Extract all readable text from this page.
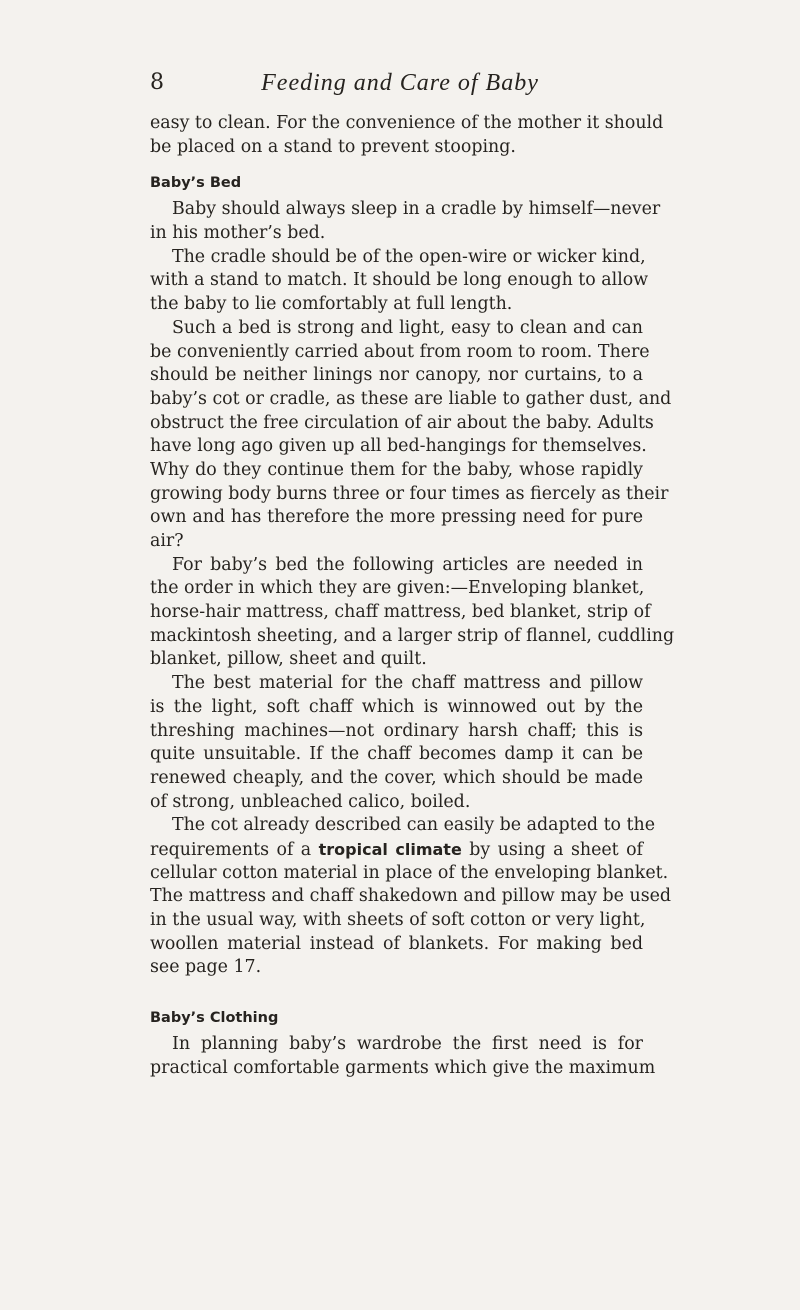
8	Feeding and Care of Baby
easy to clean. For the convenience of the mother it should
be placed on a stand to prevent stooping.
Baby’s Bed
Baby should always sleep in a cradle by himself—never
in his mother’s bed.
The cradle should be of the open-wire or wicker kind,
with a stand to match. It should be long enough to allow
the baby to lie comfortably at full length.
Such a bed is strong and light, easy to clean and can
be conveniently carried about from room to room. There
should be neither linings nor canopy, nor curtains, to a
baby’s cot or cradle, as these are liable to gather dust, and
obstruct the free circulation of air about the baby. Adults
have long ago given up all bed-hangings for themselves.
Why do they continue them for the baby, whose rapidly
growing body burns three or four times as fiercely as their
own and has therefore the more pressing need for pure
air?
For baby’s bed the following articles are needed in
the order in which they are given:—Enveloping blanket,
horse-hair mattress, chaff mattress, bed blanket, strip of
mackintosh sheeting, and a larger strip of flannel, cuddling
blanket, pillow, sheet and quilt.
The best material for the chaff mattress and pillow
is the light, soft chaff which is winnowed out by the
threshing machines—not ordinary harsh chaff; this is
quite unsuitable. If the chaff becomes damp it can be
renewed cheaply, and the cover, which should be made
of strong, unbleached calico, boiled.
The cot already described can easily be adapted to the
requirements of a tropical climate by using a sheet of
cellular cotton material in place of the enveloping blanket.
The mattress and chaff shakedown and pillow may be used
in the usual way, with sheets of soft cotton or very light,
woollen material instead of blankets. For making bed
see page 17.
Baby’s Clothing
In planning baby’s wardrobe the first need is for
practical comfortable garments which give the maximum
